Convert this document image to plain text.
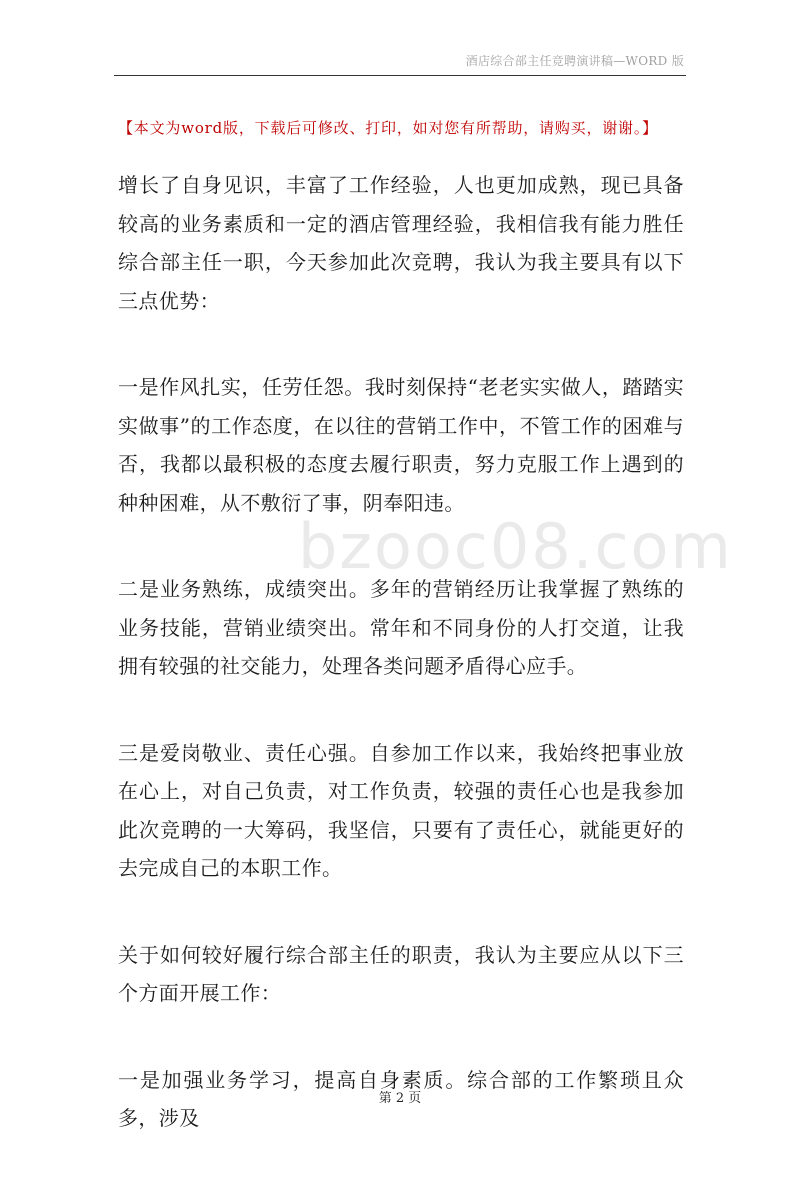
酒店综合部主任竞聘演讲稿—WORD 版
【本文为word版，下载后可修改、打印，如对您有所帮助，请购买，谢谢。】
bzooc08.com

增长了自身见识，丰富了工作经验，人也更加成熟，现已具备较高的业务素质和一定的酒店管理经验，我相信我有能力胜任综合部主任一职，今天参加此次竞聘，我认为我主要具有以下三点优势：

一是作风扎实，任劳任怨。我时刻保持“老老实实做人，踏踏实实做事”的工作态度，在以往的营销工作中，不管工作的困难与否，我都以最积极的态度去履行职责，努力克服工作上遇到的种种困难，从不敷衍了事，阴奉阳违。

二是业务熟练，成绩突出。多年的营销经历让我掌握了熟练的业务技能，营销业绩突出。常年和不同身份的人打交道，让我拥有较强的社交能力，处理各类问题矛盾得心应手。

三是爱岗敬业、责任心强。自参加工作以来，我始终把事业放在心上，对自己负责，对工作负责，较强的责任心也是我参加此次竞聘的一大筹码，我坚信，只要有了责任心，就能更好的去完成自己的本职工作。

关于如何较好履行综合部主任的职责，我认为主要应从以下三个方面开展工作：

一是加强业务学习，提高自身素质。综合部的工作繁琐且众多，涉及

第 2 页
